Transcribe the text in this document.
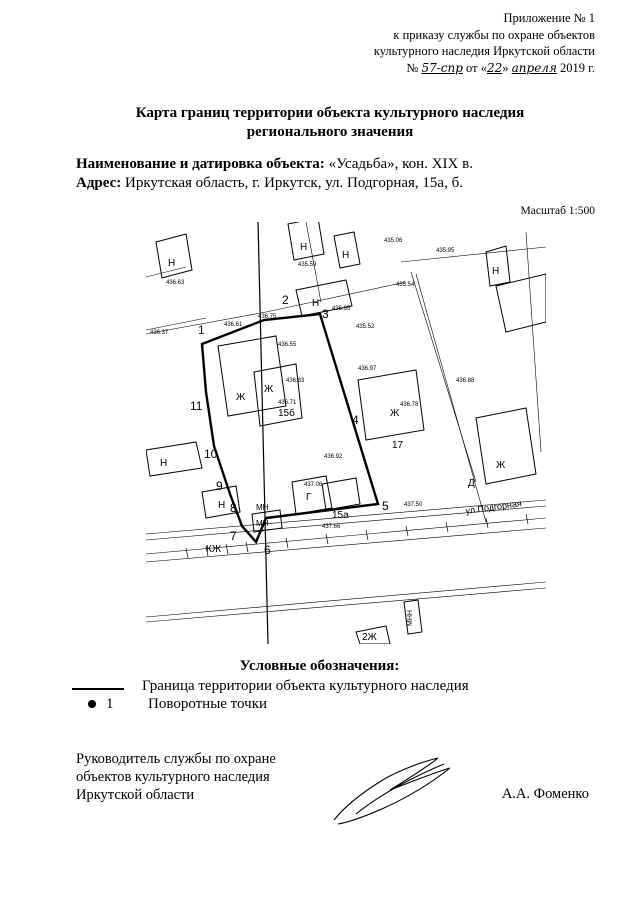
Приложение № 1
к приказу службы по охране объектов
культурного наследия Иркутской области
№ 57-спр от «22» апреля 2019 г.
Карта границ территории объекта культурного наследия
регионального значения
Наименование и датировка объекта: «Усадьба», кон. XIX в.
Адрес: Иркутская область, г. Иркутск, ул. Подгорная, 15а, б.
Масштаб 1:500
1
2
3
4
5
6
7
8
9
10
11
15б
17
15а	ул.Подгорная
Ж
Ж
Ж
Ж
Н
Н
Н
Н
Н
Н
Г
Д
Н
КЖ
2Ж
МН
МН
МНН
436.63
436.37
436.61
436.55
435.59
436.75
435.06
435.95
435.52
435.95
436.71
435.54
436.83
436.97
436.92
437.50
437.66
436.88
437.06
436.78
Условные обозначения:
Граница территории объекта культурного наследия
1 Поворотные точки
Руководитель службы по охране
объектов культурного наследия
Иркутской области	А.А. Фоменко
